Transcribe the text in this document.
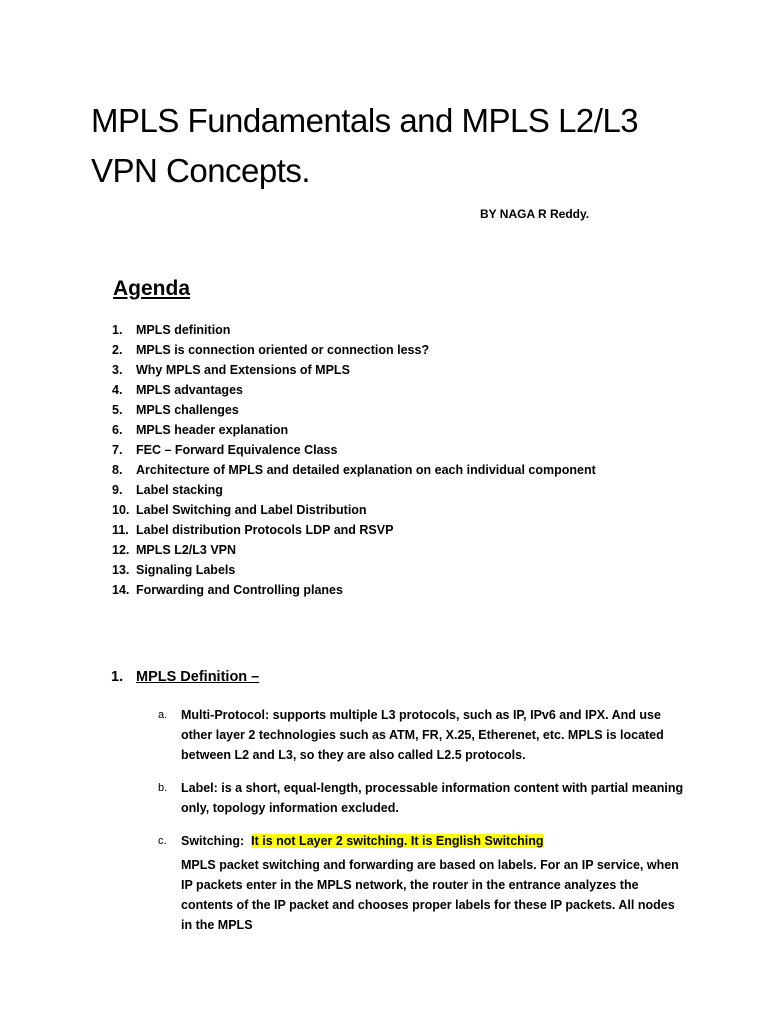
MPLS Fundamentals and MPLS L2/L3 VPN Concepts.
BY NAGA R Reddy.
Agenda
1.	MPLS definition
2.	MPLS is connection oriented or connection less?
3.	Why MPLS and Extensions of MPLS
4.	MPLS advantages
5.	MPLS challenges
6.	MPLS header explanation
7.	FEC – Forward Equivalence Class
8.	Architecture of MPLS and detailed explanation on each individual component
9.	Label stacking
10. Label Switching and Label Distribution
11. Label distribution Protocols LDP and RSVP
12. MPLS L2/L3 VPN
13. Signaling Labels
14. Forwarding and Controlling planes
1. MPLS Definition –
a.	Multi-Protocol: supports multiple L3 protocols, such as IP, IPv6 and IPX. And use other layer 2 technologies such as ATM, FR, X.25, Etherenet, etc. MPLS is located between L2 and L3, so they are also called L2.5 protocols.
b.	Label: is a short, equal-length, processable information content with partial meaning only, topology information excluded.
c.	Switching:  It is not Layer 2 switching. It is English Switching

MPLS packet switching and forwarding are based on labels. For an IP service, when IP packets enter in the MPLS network, the router in the entrance analyzes the contents of the IP packet and chooses proper labels for these IP packets. All nodes in the MPLS
